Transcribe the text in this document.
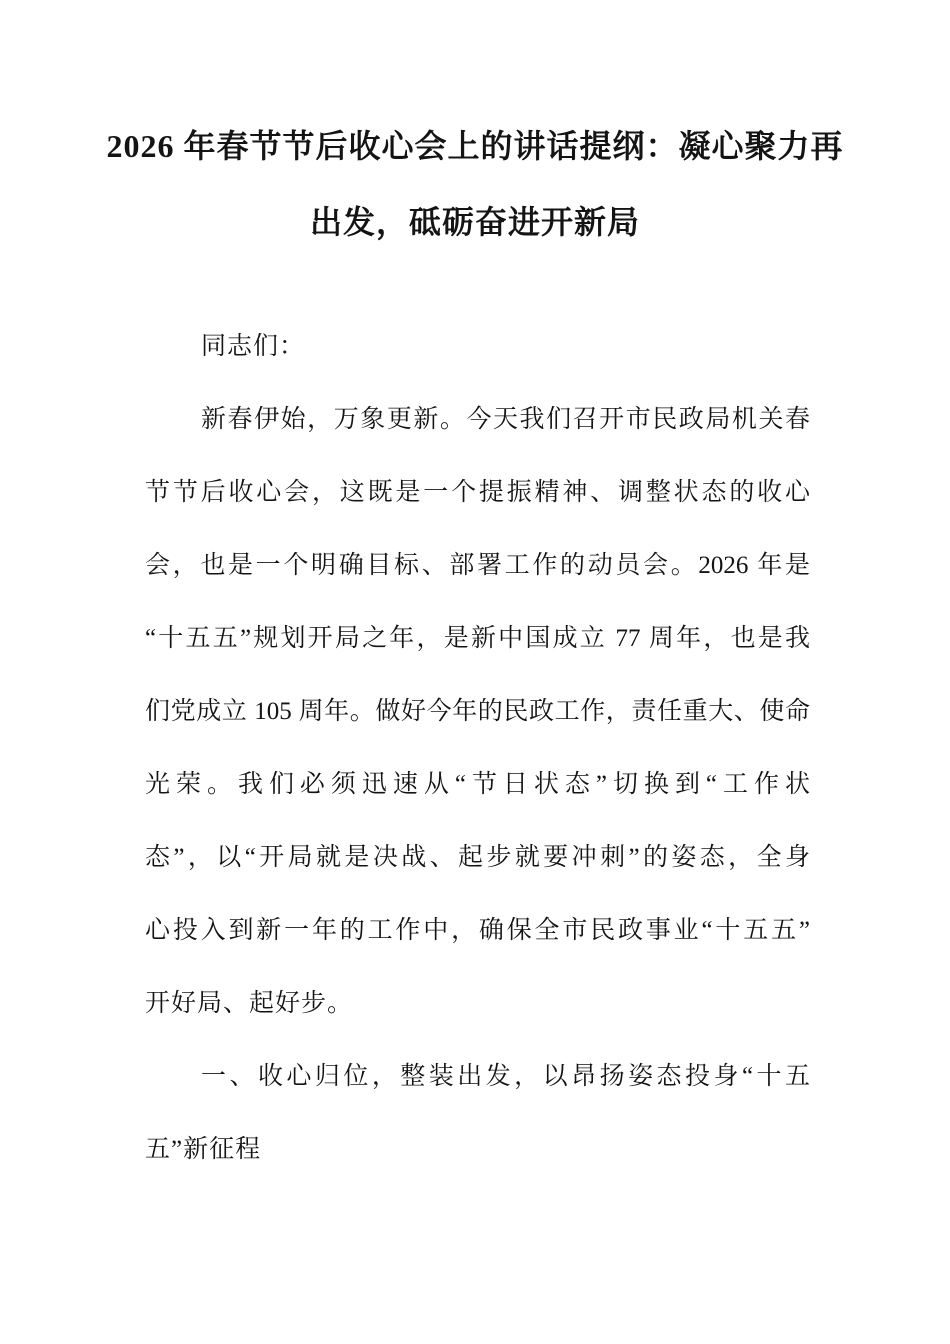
2026 年春节节后收心会上的讲话提纲：凝心聚力再
出发，砥砺奋进开新局
同志们：
新春伊始，万象更新。今天我们召开市民政局机关春
节节后收心会，这既是一个提振精神、调整状态的收心
会，也是一个明确目标、部署工作的动员会。2026 年是
“十五五”规划开局之年，是新中国成立 77 周年，也是我
们党成立 105 周年。做好今年的民政工作，责任重大、使命
光荣。我们必须迅速从“节日状态”切换到“工作状
态”，以“开局就是决战、起步就要冲刺”的姿态，全身
心投入到新一年的工作中，确保全市民政事业“十五五”
开好局、起好步。
一、收心归位，整装出发，以昂扬姿态投身“十五
五”新征程
